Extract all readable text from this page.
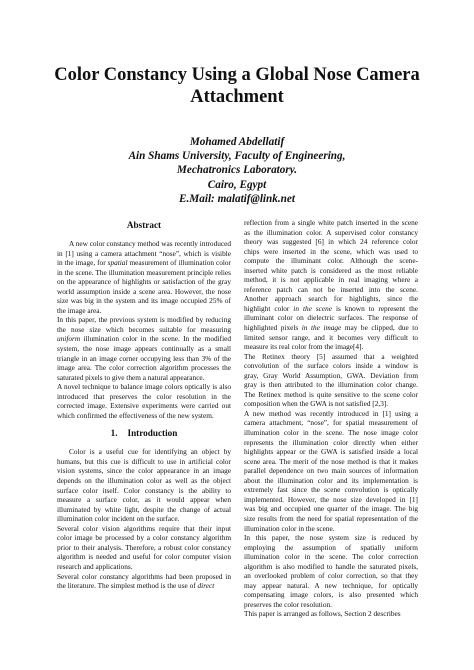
Color Constancy Using a Global Nose Camera
Attachment
Mohamed Abdellatif
Ain Shams University, Faculty of Engineering,
Mechatronics Laboratory.
Cairo, Egypt
E.Mail: malatif@link.net
Abstract

A new color constancy method was recently introduced in [1] using a camera attachment “nose”, which is visible in the image, for spatial measurement of illumination color in the scene. The illumination measurement principle relies on the appearance of highlights or satisfaction of the gray world assumption inside a scene area. However, the nose size was big in the system and its image occupied 25% of the image area.

In this paper, the previous system is modified by reducing the nose size which becomes suitable for measuring uniform illumination color in the scene. In the modified system, the nose image appears continually as a small triangle in an image corner occupying less than 3% of the image area. The color correction algorithm processes the saturated pixels to give them a natural appearance.

A novel technique to balance image colors optically is also introduced that preserves the color resolution in the corrected image. Extensive experiments were carried out which confirmed the effectiveness of the new system.

1. Introduction

Color is a useful cue for identifying an object by humans, but this cue is difficult to use in artificial color vision systems, since the color appearance in an image depends on the illumination color as well as the object surface color itself. Color constancy is the ability to measure a surface color, as it would appear when illuminated by white light, despite the change of actual illumination color incident on the surface.

Several color vision algorithms require that their input color image be processed by a color constancy algorithm prior to their analysis. Therefore, a robust color constancy algorithm is needed and useful for color computer vision research and applications.

Several color constancy algorithms had been proposed in the literature. The simplest method is the use of direct

reflection from a single white patch inserted in the scene
as the illumination color. A supervised color constancy
theory was suggested [6] in which 24 reference color
chips were inserted in the scene, which was used to
compute the illuminant color. Although the scene-
inserted white patch is considered as the most reliable
method, it is not applicable in real imaging where a
reference patch can not be inserted into the scene.
Another approach search for highlights, since the
highlight color in the scene is known to represent the
illuminant color on dielectric surfaces. The response of
highlighted pixels in the image may be clipped, due to
limited sensor range, and it becomes very difficult to
measure its real color from the image[4].
The Retinex theory [5] assumed that a weighted
convolution of the surface colors inside a window is
gray, Gray World Assumption, GWA. Deviation from
gray is then attributed to the illumination color change.
The Retinex method is quite sensitive to the scene color
composition when the GWA is not satisfied [2,3].
A new method was recently introduced in [1] using a
camera attachment, “nose”, for spatial measurement of
illumination color in the scene. The nose image color
represents the illumination color directly when either
highlights appear or the GWA is satisfied inside a local
scene area. The merit of the nose method is that it makes
parallel dependence on two main sources of information
about the illumination color and its implementation is
extremely fast since the scene convolution is optically
implemented. However, the nose size developed in [1]
was big and occupied one quarter of the image. The big
size results from the need for spatial representation of the
illumination color in the scene.
In this paper, the nose system size is reduced by
employing the assumption of spatially uniform
illumination color in the scene. The color correction
algorithm is also modified to handle the saturated pixels,
an overlooked problem of color correction, so that they
may appear natural. A new technique, for optically
compensating image colors, is also presented which
preserves the color resolution.
This paper is arranged as follows, Section 2 describes
